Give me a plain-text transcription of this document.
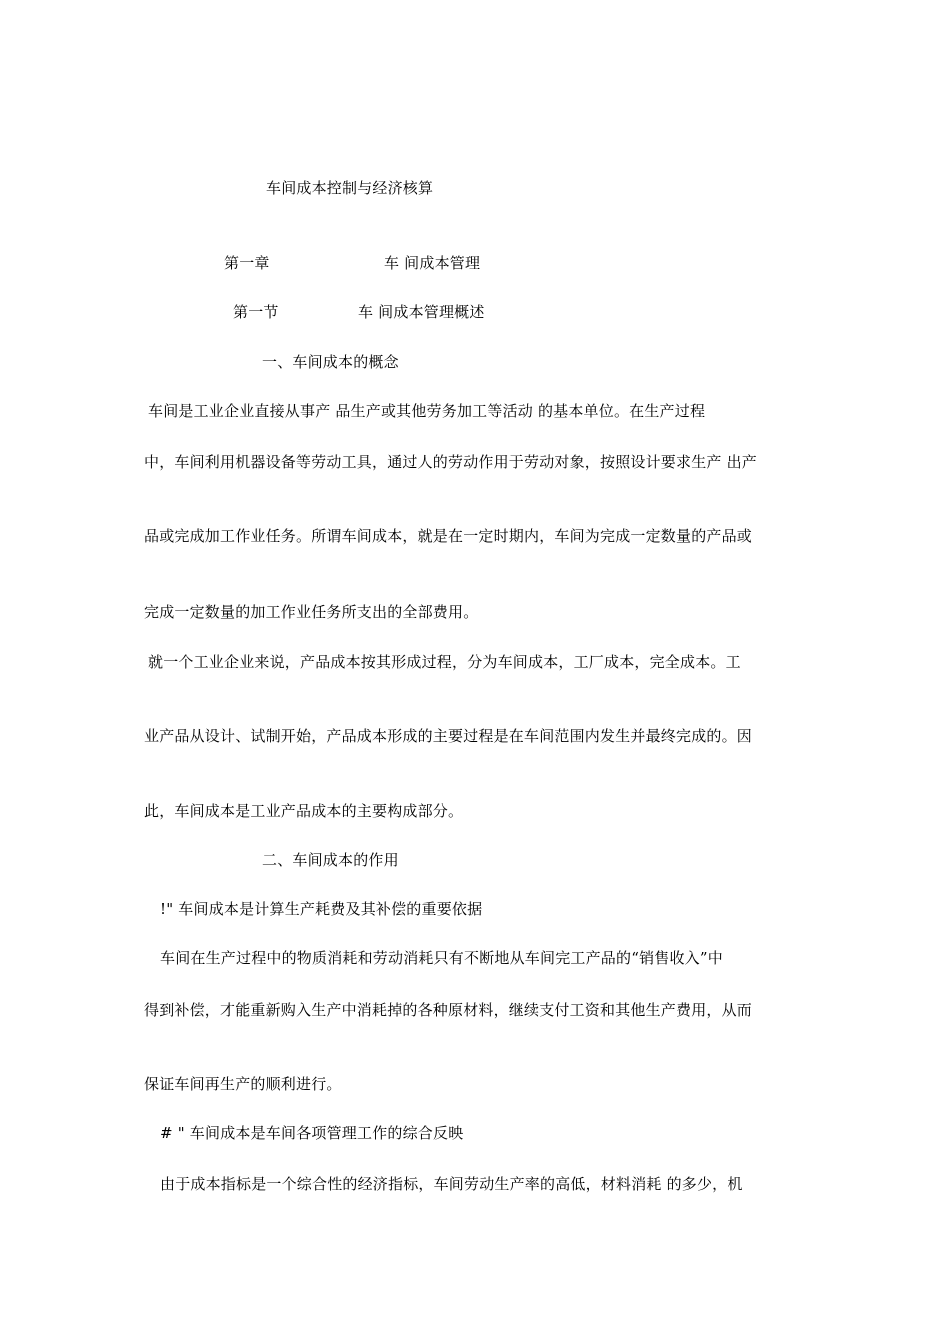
车间成本控制与经济核算
第一章	车 间成本管理
第一节	车 间成本管理概述
一、车间成本的概念
车间是工业企业直接从事产 品生产或其他劳务加工等活动 的基本单位。在生产过程
中，车间利用机器设备等劳动工具，通过人的劳动作用于劳动对象，按照设计要求生产 出产
品或完成加工作业任务。所谓车间成本，就是在一定时期内，车间为完成一定数量的产品或
完成一定数量的加工作业任务所支出的全部费用。
就一个工业企业来说，产品成本按其形成过程，分为车间成本，工厂成本，完全成本。工
业产品从设计、试制开始，产品成本形成的主要过程是在车间范围内发生并最终完成的。因
此，车间成本是工业产品成本的主要构成部分。
二、车间成本的作用
!" 车间成本是计算生产耗费及其补偿的重要依据
车间在生产过程中的物质消耗和劳动消耗只有不断地从车间完工产品的“销售收入”中
得到补偿，才能重新购入生产中消耗掉的各种原材料，继续支付工资和其他生产费用，从而
保证车间再生产的顺利进行。
# " 车间成本是车间各项管理工作的综合反映
由于成本指标是一个综合性的经济指标，车间劳动生产率的高低，材料消耗 的多少，机
